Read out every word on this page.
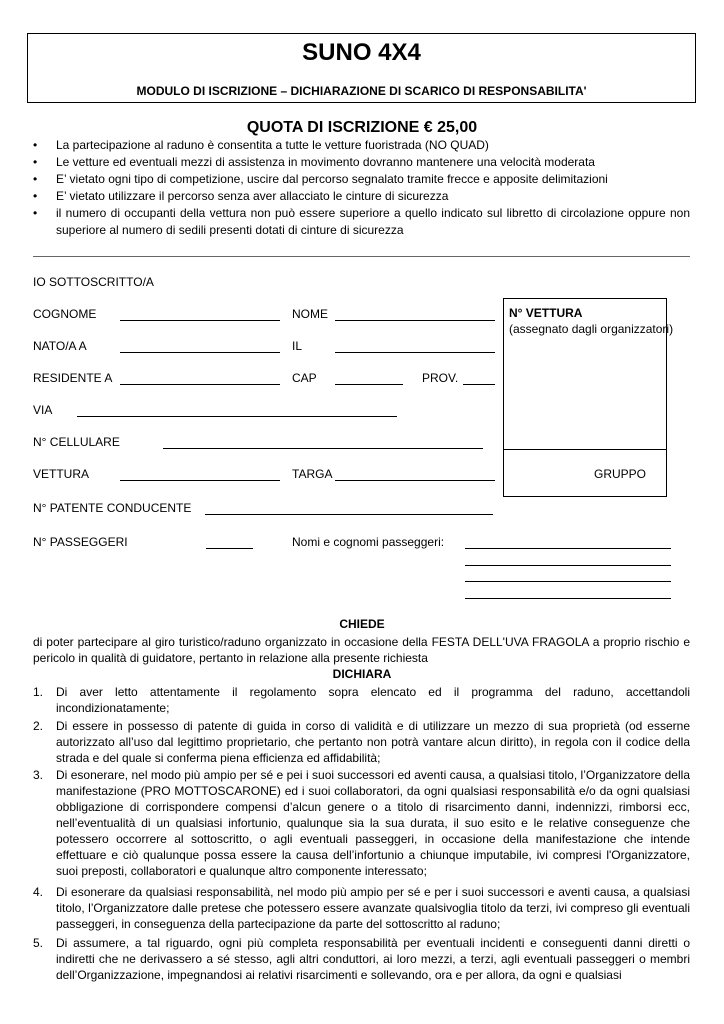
SUNO 4X4
MODULO DI ISCRIZIONE – DICHIARAZIONE DI SCARICO DI RESPONSABILITA'
QUOTA DI ISCRIZIONE € 25,00
• La partecipazione al raduno è consentita a tutte le vetture fuoristrada (NO QUAD)
• Le vetture ed eventuali mezzi di assistenza in movimento dovranno mantenere una velocità moderata
• E’ vietato ogni tipo di competizione, uscire dal percorso segnalato tramite frecce e apposite delimitazioni
• E’ vietato utilizzare il percorso senza aver allacciato le cinture di sicurezza
• il numero di occupanti della vettura non può essere superiore a quello indicato sul libretto di circolazione oppure non superiore al numero di sedili presenti dotati di cinture di sicurezza
IO SOTTOSCRITTO/A
COGNOME	NOME
NATO/A A	IL
RESIDENTE A	CAP	PROV.
VIA
N° CELLULARE
VETTURA	TARGA
N° PATENTE CONDUCENTE
N° PASSEGGERI	Nomi e cognomi passeggeri:
N° VETTURA
(assegnato dagli organizzatori)
GRUPPO
CHIEDE
di poter partecipare al giro turistico/raduno organizzato in occasione della FESTA DELL'UVA FRAGOLA a proprio rischio e pericolo in qualità di guidatore, pertanto in relazione alla presente richiesta
DICHIARA
1. Di aver letto attentamente il regolamento sopra elencato ed il programma del raduno, accettandoli incondizionatamente;
2. Di essere in possesso di patente di guida in corso di validità e di utilizzare un mezzo di sua proprietà (od esserne autorizzato all’uso dal legittimo proprietario, che pertanto non potrà vantare alcun diritto), in regola con il codice della strada e del quale si conferma piena efficienza ed affidabilità;
3. Di esonerare, nel modo più ampio per sé e pei i suoi successori ed aventi causa, a qualsiasi titolo, l’Organizzatore della manifestazione (PRO MOTTOSCARONE) ed i suoi collaboratori, da ogni qualsiasi responsabilità e/o da ogni qualsiasi obbligazione di corrispondere compensi d’alcun genere o a titolo di risarcimento danni, indennizzi, rimborsi ecc, nell’eventualità di un qualsiasi infortunio, qualunque sia la sua durata, il suo esito e le relative conseguenze che potessero occorrere al sottoscritto, o agli eventuali passeggeri, in occasione della manifestazione che intende effettuare e ciò qualunque possa essere la causa dell’infortunio a chiunque imputabile, ivi compresi l'Organizzatore, suoi preposti, collaboratori e qualunque altro componente interessato;
4. Di esonerare da qualsiasi responsabilità, nel modo più ampio per sé e per i suoi successori e aventi causa, a qualsiasi titolo, l’Organizzatore dalle pretese che potessero essere avanzate qualsivoglia titolo da terzi, ivi compreso gli eventuali passeggeri, in conseguenza della partecipazione da parte del sottoscritto al raduno;
5. Di assumere, a tal riguardo, ogni più completa responsabilità per eventuali incidenti e conseguenti danni diretti o indiretti che ne derivassero a sé stesso, agli altri conduttori, ai loro mezzi, a terzi, agli eventuali passeggeri o membri dell’Organizzazione, impegnandosi ai relativi risarcimenti e sollevando, ora e per allora, da ogni e qualsiasi
